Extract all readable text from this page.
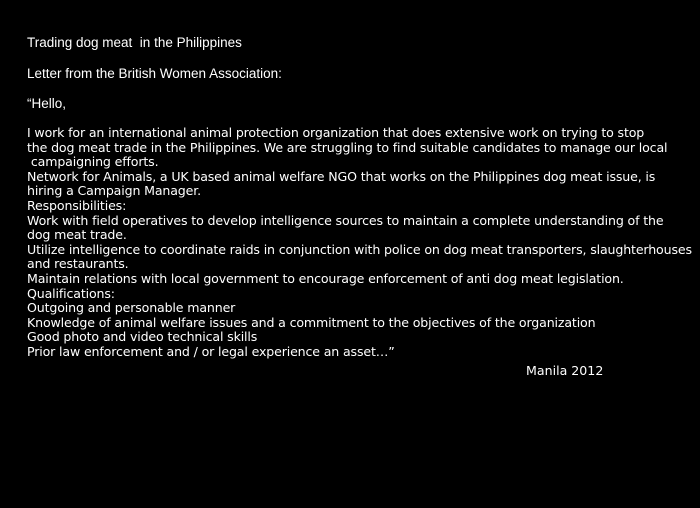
Trading dog meat  in the Philippines
Letter from the British Women Association:
“Hello,
I work for an international animal protection organization that does extensive work on trying to stop
the dog meat trade in the Philippines. We are struggling to find suitable candidates to manage our local
campaigning efforts.
Network for Animals, a UK based animal welfare NGO that works on the Philippines dog meat issue, is
hiring a Campaign Manager.
Responsibilities:
Work with field operatives to develop intelligence sources to maintain a complete understanding of the
dog meat trade.
Utilize intelligence to coordinate raids in conjunction with police on dog meat transporters, slaughterhouses
and restaurants.
Maintain relations with local government to encourage enforcement of anti dog meat legislation.
Qualifications:
Outgoing and personable manner
Knowledge of animal welfare issues and a commitment to the objectives of the organization
Good photo and video technical skills
Prior law enforcement and / or legal experience an asset…”
Manila 2012
